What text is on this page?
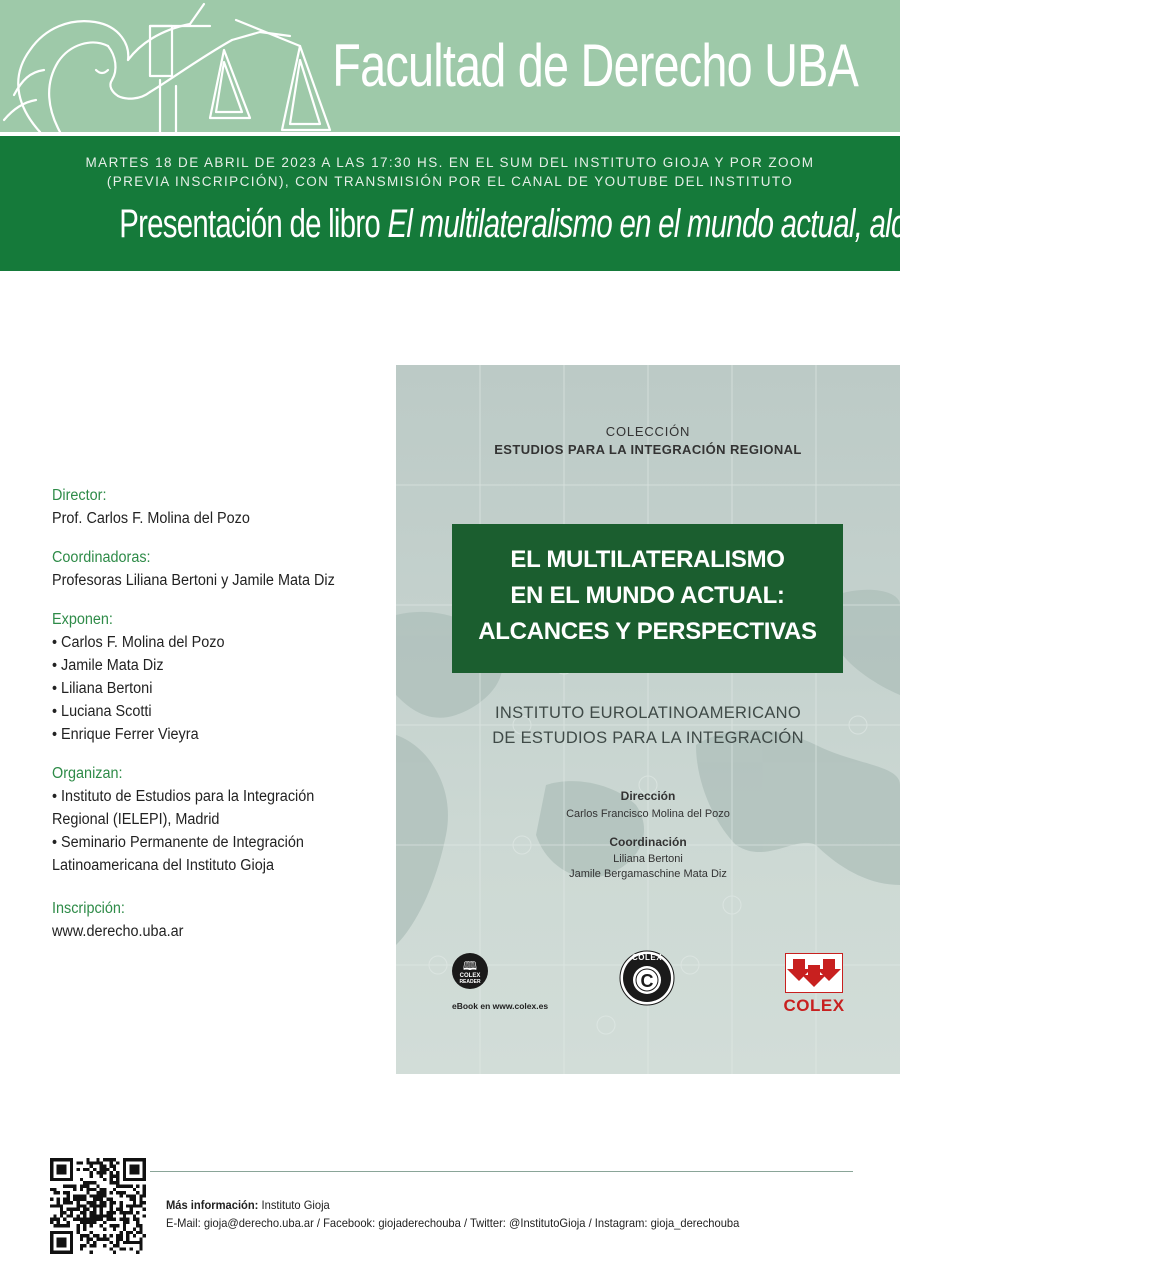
Facultad de Derecho UBA
MARTES 18 DE ABRIL DE 2023 A LAS 17:30 HS. EN EL SUM DEL INSTITUTO GIOJA Y POR ZOOM
(PREVIA INSCRIPCIÓN), CON TRANSMISIÓN POR EL CANAL DE YOUTUBE DEL INSTITUTO
Presentación de libro El multilateralismo en el mundo actual, alcances y perspectivas

Director:

Prof. Carlos F. Molina del Pozo

Coordinadoras:

Profesoras Liliana Bertoni y Jamile Mata Diz

Exponen:

• Carlos F. Molina del Pozo

• Jamile Mata Diz

• Liliana Bertoni

• Luciana Scotti

• Enrique Ferrer Vieyra

Organizan:

• Instituto de Estudios para la Integración Regional (IELEPI), Madrid

• Seminario Permanente de Integración Latinoamericana del Instituto Gioja

Inscripción:

www.derecho.uba.ar

COLECCIÓN
ESTUDIOS PARA LA INTEGRACIÓN REGIONAL
EL MULTILATERALISMO
EN EL MUNDO ACTUAL:
ALCANCES Y PERSPECTIVAS
INSTITUTO EUROLATINOAMERICANO
DE ESTUDIOS PARA LA INTEGRACIÓN
Dirección
Carlos Francisco Molina del Pozo
Coordinación
Liliana Bertoni
Jamile Bergamaschine Mata Diz
🕮
COLEX
READER
eBook en www.colex.es
C
COLEX
COLEX
Más información: Instituto Gioja
E-Mail: gioja@derecho.uba.ar / Facebook: giojaderechouba / Twitter: @InstitutoGioja / Instagram: gioja_derechouba
